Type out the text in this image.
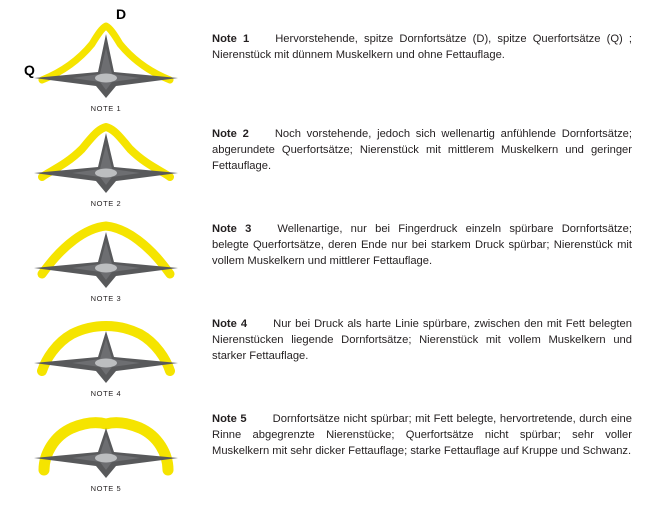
D
Q
NOTE 1
Note 1 Hervorstehende, spitze Dornfortsätze (D), spitze Querfortsätze (Q) ; Nierenstück mit dünnem Muskelkern und ohne Fettauflage.
NOTE 2
Note 2 Noch vorstehende, jedoch sich wellenartig anfühlende Dornfortsätze; abgerundete Querfortsätze; Nierenstück mit mittlerem Muskelkern und geringer Fettauflage.
NOTE 3
Note 3 Wellenartige, nur bei Fingerdruck einzeln spürbare Dornfortsätze; belegte Querfortsätze, deren Ende nur bei starkem Druck spürbar; Nierenstück mit vollem Muskelkern und mittlerer Fettauflage.
NOTE 4
Note 4 Nur bei Druck als harte Linie spürbare, zwischen den mit Fett belegten Nierenstücken liegende Dornfortsätze; Nierenstück mit vollem Muskelkern und starker Fettauflage.
NOTE 5
Note 5 Dornfortsätze nicht spürbar; mit Fett belegte, hervortretende, durch eine Rinne abgegrenzte Nierenstücke; Querfortsätze nicht spürbar; sehr voller Muskelkern mit sehr dicker Fettauflage; starke Fettauflage auf Kruppe und Schwanz.
